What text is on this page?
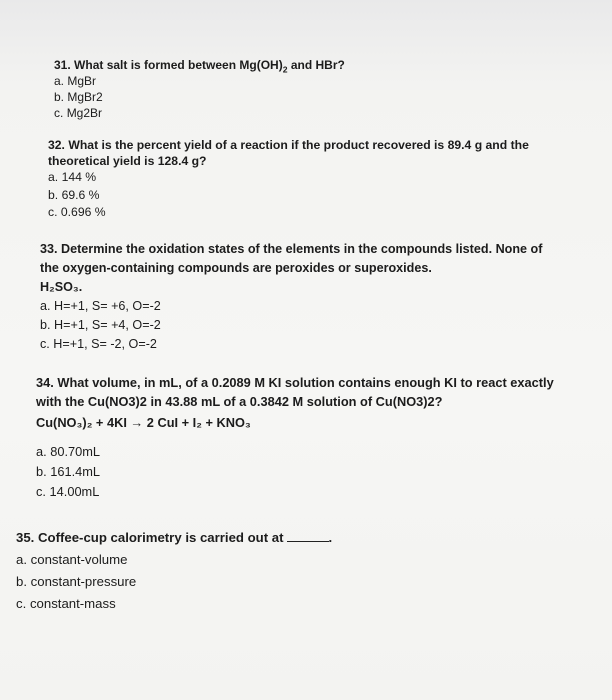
31. What salt is formed between $Mg(OH)_2$ and HBr?
a. MgBr
b. MgBr2
c. Mg2Br
32. What is the percent yield of a reaction if the product recovered is 89.4 g and the theoretical yield is 128.4 g?
a. 144 %
b. 69.6 %
c. 0.696 %
33. Determine the oxidation states of the elements in the compounds listed. None of the oxygen-containing compounds are peroxides or superoxides.
H₂SO₃.
a. H=+1, S= +6, O=-2
b. H=+1, S= +4, O=-2
c. H=+1, S= -2, O=-2
34. What volume, in mL, of a 0.2089 M KI solution contains enough KI to react exactly with the Cu(NO3)2 in 43.88 mL of a 0.3842 M solution of Cu(NO3)2?
Cu(NO₃)₂ + 4KI → 2 CuI + I₂ + KNO₃
a. 80.70mL
b. 161.4mL
c. 14.00mL
35. Coffee-cup calorimetry is carried out at	.
a. constant-volume
b. constant-pressure
c. constant-mass
